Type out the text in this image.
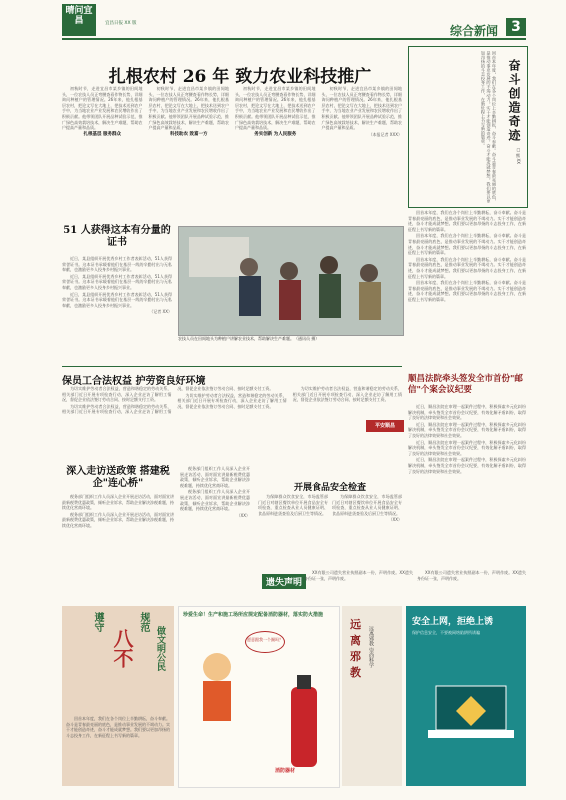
晴问宜昌	宜昌日报 XX 版
综合新闻 3
扎根农村 26 年 致力农业科技推广

初秋时节，走进宜昌市某乡镇的田间地头，一位农技人员正弯腰查看作物长势，详细询问种植户的管理情况。26年来，他扎根基层农村，把论文写在大地上，把技术送到农户手中，为当地农业产业发展和农民增收作出了积极贡献。他带领团队开展品种试验示范，推广绿色高效栽培技术，解决生产难题，帮助农户提高产量和品质。

扎根基层 服务群众

初秋时节，走进宜昌市某乡镇的田间地头，一位农技人员正弯腰查看作物长势，详细询问种植户的管理情况。26年来，他扎根基层农村，把论文写在大地上，把技术送到农户手中，为当地农业产业发展和农民增收作出了积极贡献。他带领团队开展品种试验示范，推广绿色高效栽培技术，解决生产难题，帮助农户提高产量和品质。

科技助农 致富一方

初秋时节，走进宜昌市某乡镇的田间地头，一位农技人员正弯腰查看作物长势，详细询问种植户的管理情况。26年来，他扎根基层农村，把论文写在大地上，把技术送到农户手中，为当地农业产业发展和农民增收作出了积极贡献。他带领团队开展品种试验示范，推广绿色高效栽培技术，解决生产难题，帮助农户提高产量和品质。

务实创新 为人民服务

初秋时节，走进宜昌市某乡镇的田间地头，一位农技人员正弯腰查看作物长势，详细询问种植户的管理情况。26年来，他扎根基层农村，把论文写在大地上，把技术送到农户手中，为当地农业产业发展和农民增收作出了积极贡献。他带领团队开展品种试验示范，推广绿色高效栽培技术，解决生产难题，帮助农户提高产量和品质。

（本报记者 XXX）	回首本年度，我们在各个岗位上辛勤耕耘，奋斗奉献。奋斗是青春最亮丽的底色，是推动事业发展的不竭动力。实干才能创造奇迹，奋斗才能成就梦想。我们要以更加昂扬的斗志投身工作，在新征程上书写新的篇章。	奋斗创造奇迹
□ 熊 XX

回首本年度，我们在各个岗位上辛勤耕耘，奋斗奉献。奋斗是青春最亮丽的底色，是推动事业发展的不竭动力。实干才能创造奇迹，奋斗才能成就梦想。我们要以更加昂扬的斗志投身工作，在新征程上书写新的篇章。

回首本年度，我们在各个岗位上辛勤耕耘，奋斗奉献。奋斗是青春最亮丽的底色，是推动事业发展的不竭动力。实干才能创造奇迹，奋斗才能成就梦想。我们要以更加昂扬的斗志投身工作，在新征程上书写新的篇章。

回首本年度，我们在各个岗位上辛勤耕耘，奋斗奉献。奋斗是青春最亮丽的底色，是推动事业发展的不竭动力。实干才能创造奇迹，奋斗才能成就梦想。我们要以更加昂扬的斗志投身工作，在新征程上书写新的篇章。

回首本年度，我们在各个岗位上辛勤耕耘，奋斗奉献。奋斗是青春最亮丽的底色，是推动事业发展的不竭动力。实干才能创造奇迹，奋斗才能成就梦想。我们要以更加昂扬的斗志投身工作，在新征程上书写新的篇章。

51 人获得这本有分量的证书

近日，某县组织开展优秀乡村工作者表彰活动，51人获得荣誉证书。这本证书承载着他们在基层一线的辛勤付出与无私奉献，也激励更多人投身乡村振兴事业。

近日，某县组织开展优秀乡村工作者表彰活动，51人获得荣誉证书。这本证书承载着他们在基层一线的辛勤付出与无私奉献，也激励更多人投身乡村振兴事业。

近日，某县组织开展优秀乡村工作者表彰活动，51人获得荣誉证书。这本证书承载着他们在基层一线的辛勤付出与无私奉献，也激励更多人投身乡村振兴事业。

（记者 XX）

农技人员在田间地头为种植户讲解农业技术，帮助解决生产难题。（通讯员 摄）
保员工合法权益 护劳资良好环境

为切实维护劳动者合法权益，营造和谐稳定的劳动关系，相关部门近日开展专项检查行动，深入企业走访了解用工情况，督促企业依法签订劳动合同、按时足额支付工资。

为切实维护劳动者合法权益，营造和谐稳定的劳动关系，相关部门近日开展专项检查行动，深入企业走访了解用工情况，督促企业依法签订劳动合同、按时足额支付工资。

为切实维护劳动者合法权益，营造和谐稳定的劳动关系，相关部门近日开展专项检查行动，深入企业走访了解用工情况，督促企业依法签订劳动合同、按时足额支付工资。

为切实维护劳动者合法权益，营造和谐稳定的劳动关系，相关部门近日开展专项检查行动，深入企业走访了解用工情况，督促企业依法签订劳动合同、按时足额支付工资。

平安顺昌
顺昌法院牵头签发全市首份"邮信"个案会议纪要

近日，顺昌法院在审理一起案件过程中，积极探索多元化纠纷解决机制，牵头签发全市首份会议纪要，有效化解矛盾纠纷，取得了良好的法律效果和社会效果。

近日，顺昌法院在审理一起案件过程中，积极探索多元化纠纷解决机制，牵头签发全市首份会议纪要，有效化解矛盾纠纷，取得了良好的法律效果和社会效果。

近日，顺昌法院在审理一起案件过程中，积极探索多元化纠纷解决机制，牵头签发全市首份会议纪要，有效化解矛盾纠纷，取得了良好的法律效果和社会效果。

近日，顺昌法院在审理一起案件过程中，积极探索多元化纠纷解决机制，牵头签发全市首份会议纪要，有效化解矛盾纠纷，取得了良好的法律效果和社会效果。

深入走访送政策 搭建税企"连心桥"

税务部门组织工作人员深入企业开展走访活动，面对面宣讲最新税费优惠政策，倾听企业诉求，帮助企业解决涉税难题，持续优化营商环境。

税务部门组织工作人员深入企业开展走访活动，面对面宣讲最新税费优惠政策，倾听企业诉求，帮助企业解决涉税难题，持续优化营商环境。

税务部门组织工作人员深入企业开展走访活动，面对面宣讲最新税费优惠政策，倾听企业诉求，帮助企业解决涉税难题，持续优化营商环境。

税务部门组织工作人员深入企业开展走访活动，面对面宣讲最新税费优惠政策，倾听企业诉求，帮助企业解决涉税难题，持续优化营商环境。

（XX）

开展食品安全检查

为保障群众饮食安全，市场监管部门近日对辖区餐饮单位开展食品安全专项检查，重点检查从业人员健康证明、食品原料进货查验及后厨卫生等情况。

为保障群众饮食安全，市场监管部门近日对辖区餐饮单位开展食品安全专项检查，重点检查从业人员健康证明、食品原料进货查验及后厨卫生等情况。

（XX）

遗失声明

XX有限公司遗失营业执照副本一份，声明作废。XX遗失身份证一张，声明作废。

XX有限公司遗失营业执照副本一份，声明作废。XX遗失身份证一张，声明作废。

遵守
八不
规范
做文明公民

回首本年度，我们在各个岗位上辛勤耕耘，奋斗奉献。奋斗是青春最亮丽的底色，是推动事业发展的不竭动力。实干才能创造奇迹，奋斗才能成就梦想。我们要以更加昂扬的斗志投身工作，在新征程上书写新的篇章。

珍爱生命！生产和施工场所应规定配备消防器材，落实防火措施
愿意跟我一个圈吗？
消防器材
远
离
邪
教
远离邪教 崇尚科学
安全上网，拒绝上诱
保护信息安全，不要被网络陷阱所诱骗
